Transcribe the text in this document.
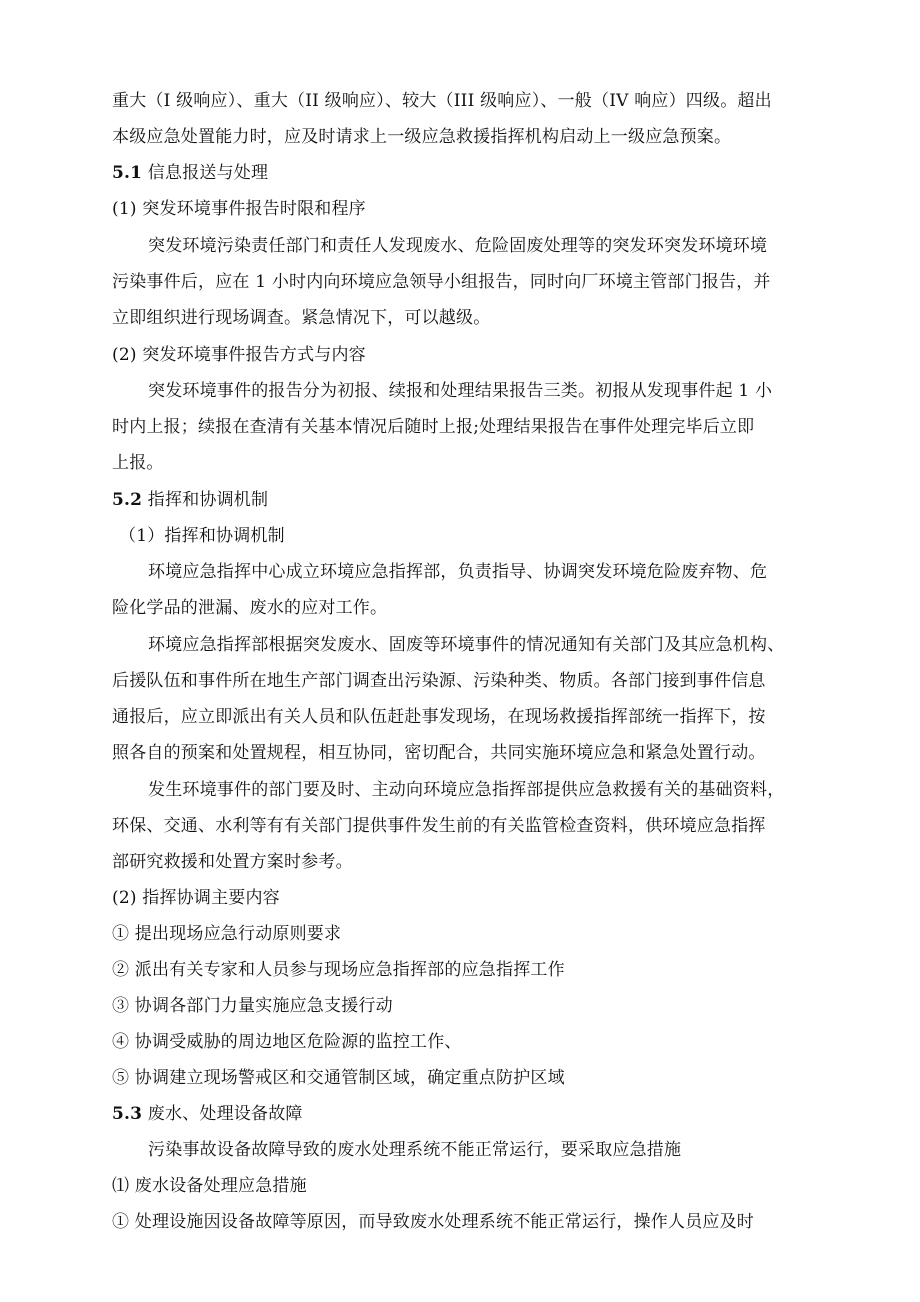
重大（I 级响应）、重大（II 级响应）、较大（III 级响应）、一般（IV 响应）四级。超出
本级应急处置能力时，应及时请求上一级应急救援指挥机构启动上一级应急预案。
5.1 信息报送与处理
(1) 突发环境事件报告时限和程序
突发环境污染责任部门和责任人发现废水、危险固废处理等的突发环突发环境环境
污染事件后，应在 1 小时内向环境应急领导小组报告，同时向厂环境主管部门报告，并
立即组织进行现场调查。紧急情况下，可以越级。
(2) 突发环境事件报告方式与内容
突发环境事件的报告分为初报、续报和处理结果报告三类。初报从发现事件起 1 小
时内上报；续报在查清有关基本情况后随时上报;处理结果报告在事件处理完毕后立即
上报。
5.2 指挥和协调机制
（1）指挥和协调机制
环境应急指挥中心成立环境应急指挥部，负责指导、协调突发环境危险废弃物、危
险化学品的泄漏、废水的应对工作。
环境应急指挥部根据突发废水、固废等环境事件的情况通知有关部门及其应急机构、
后援队伍和事件所在地生产部门调查出污染源、污染种类、物质。各部门接到事件信息
通报后，应立即派出有关人员和队伍赶赴事发现场，在现场救援指挥部统一指挥下，按
照各自的预案和处置规程，相互协同，密切配合，共同实施环境应急和紧急处置行动。
发生环境事件的部门要及时、主动向环境应急指挥部提供应急救援有关的基础资料，
环保、交通、水利等有有关部门提供事件发生前的有关监管检查资料，供环境应急指挥
部研究救援和处置方案时参考。
(2) 指挥协调主要内容
① 提出现场应急行动原则要求
② 派出有关专家和人员参与现场应急指挥部的应急指挥工作
③ 协调各部门力量实施应急支援行动
④ 协调受威胁的周边地区危险源的监控工作、
⑤ 协调建立现场警戒区和交通管制区域，确定重点防护区域
5.3 废水、处理设备故障
污染事故设备故障导致的废水处理系统不能正常运行，要采取应急措施
⑴ 废水设备处理应急措施
① 处理设施因设备故障等原因，而导致废水处理系统不能正常运行，操作人员应及时
